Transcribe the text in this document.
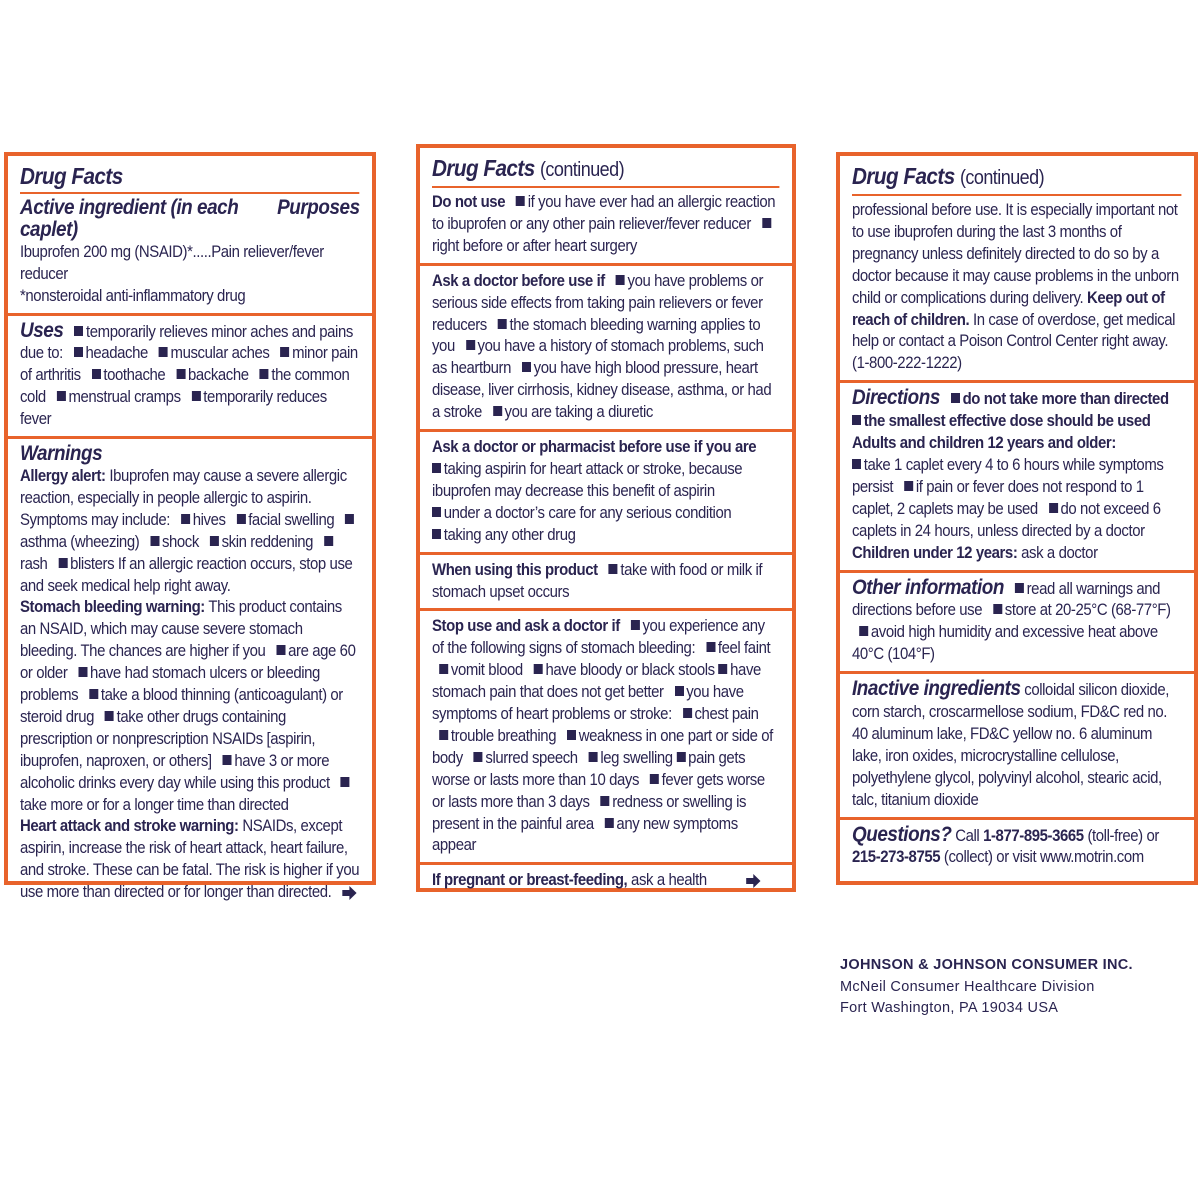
Drug Facts
Active ingredient (in each caplet)
Purposes
Ibuprofen 200 mg (NSAID)*.....Pain reliever/fever reducer
*nonsteroidal anti-inflammatory drug
Uses temporarily relieves minor aches and pains due to: headache muscular aches minor pain of arthritis toothache backache the common cold menstrual cramps temporarily reduces fever
Warnings
Allergy alert: Ibuprofen may cause a severe allergic reaction, especially in people allergic to aspirin. Symptoms may include: hives facial swelling asthma (wheezing) shock skin reddening rash blisters If an allergic reaction occurs, stop use and seek medical help right away.
Stomach bleeding warning: This product contains an NSAID, which may cause severe stomach bleeding. The chances are higher if you are age 60 or older have had stomach ulcers or bleeding problems take a blood thinning (anticoagulant) or steroid drug take other drugs containing prescription or nonprescription NSAIDs [aspirin, ibuprofen, naproxen, or others] have 3 or more alcoholic drinks every day while using this product take more or for a longer time than directed
Heart attack and stroke warning: NSAIDs, except aspirin, increase the risk of heart attack, heart failure, and stroke. These can be fatal. The risk is higher if you use more than directed or for longer than directed.
Drug Facts (continued)
Do not use if you have ever had an allergic reaction to ibuprofen or any other pain reliever/fever reducer right before or after heart surgery
Ask a doctor before use if you have problems or serious side effects from taking pain relievers or fever reducers the stomach bleeding warning applies to you you have a history of stomach problems, such as heartburn you have high blood pressure, heart disease, liver cirrhosis, kidney disease, asthma, or had a stroke you are taking a diuretic
Ask a doctor or pharmacist before use if you are
taking aspirin for heart attack or stroke, because ibuprofen may decrease this benefit of aspirin
under a doctor’s care for any serious condition
taking any other drug
When using this product take with food or milk if stomach upset occurs
Stop use and ask a doctor if you experience any of the following signs of stomach bleeding: feel faint vomit blood have bloody or black stools have stomach pain that does not get better you have symptoms of heart problems or stroke: chest pain trouble breathing weakness in one part or side of body slurred speech leg swelling pain gets worse or lasts more than 10 days fever gets worse or lasts more than 3 days redness or swelling is present in the painful area any new symptoms appear
If pregnant or breast-feeding, ask a health
Drug Facts (continued)
professional before use. It is especially important not to use ibuprofen during the last 3 months of pregnancy unless definitely directed to do so by a doctor because it may cause problems in the unborn child or complications during delivery. Keep out of reach of children. In case of overdose, get medical help or contact a Poison Control Center right away. (1-800-222-1222)
Directions do not take more than directed the smallest effective dose should be used
Adults and children 12 years and older:
take 1 caplet every 4 to 6 hours while symptoms persist if pain or fever does not respond to 1 caplet, 2 caplets may be used do not exceed 6 caplets in 24 hours, unless directed by a doctor
Children under 12 years: ask a doctor
Other information read all warnings and directions before use store at 20-25°C (68-77°F) avoid high humidity and excessive heat above 40°C (104°F)
Inactive ingredients colloidal silicon dioxide, corn starch, croscarmellose sodium, FD&C red no. 40 aluminum lake, FD&C yellow no. 6 aluminum lake, iron oxides, microcrystalline cellulose, polyethylene glycol, polyvinyl alcohol, stearic acid, talc, titanium dioxide
Questions? Call 1-877-895-3665 (toll-free) or 215-273-8755 (collect) or visit www.motrin.com
JOHNSON & JOHNSON CONSUMER INC.
McNeil Consumer Healthcare Division
Fort Washington, PA 19034 USA
